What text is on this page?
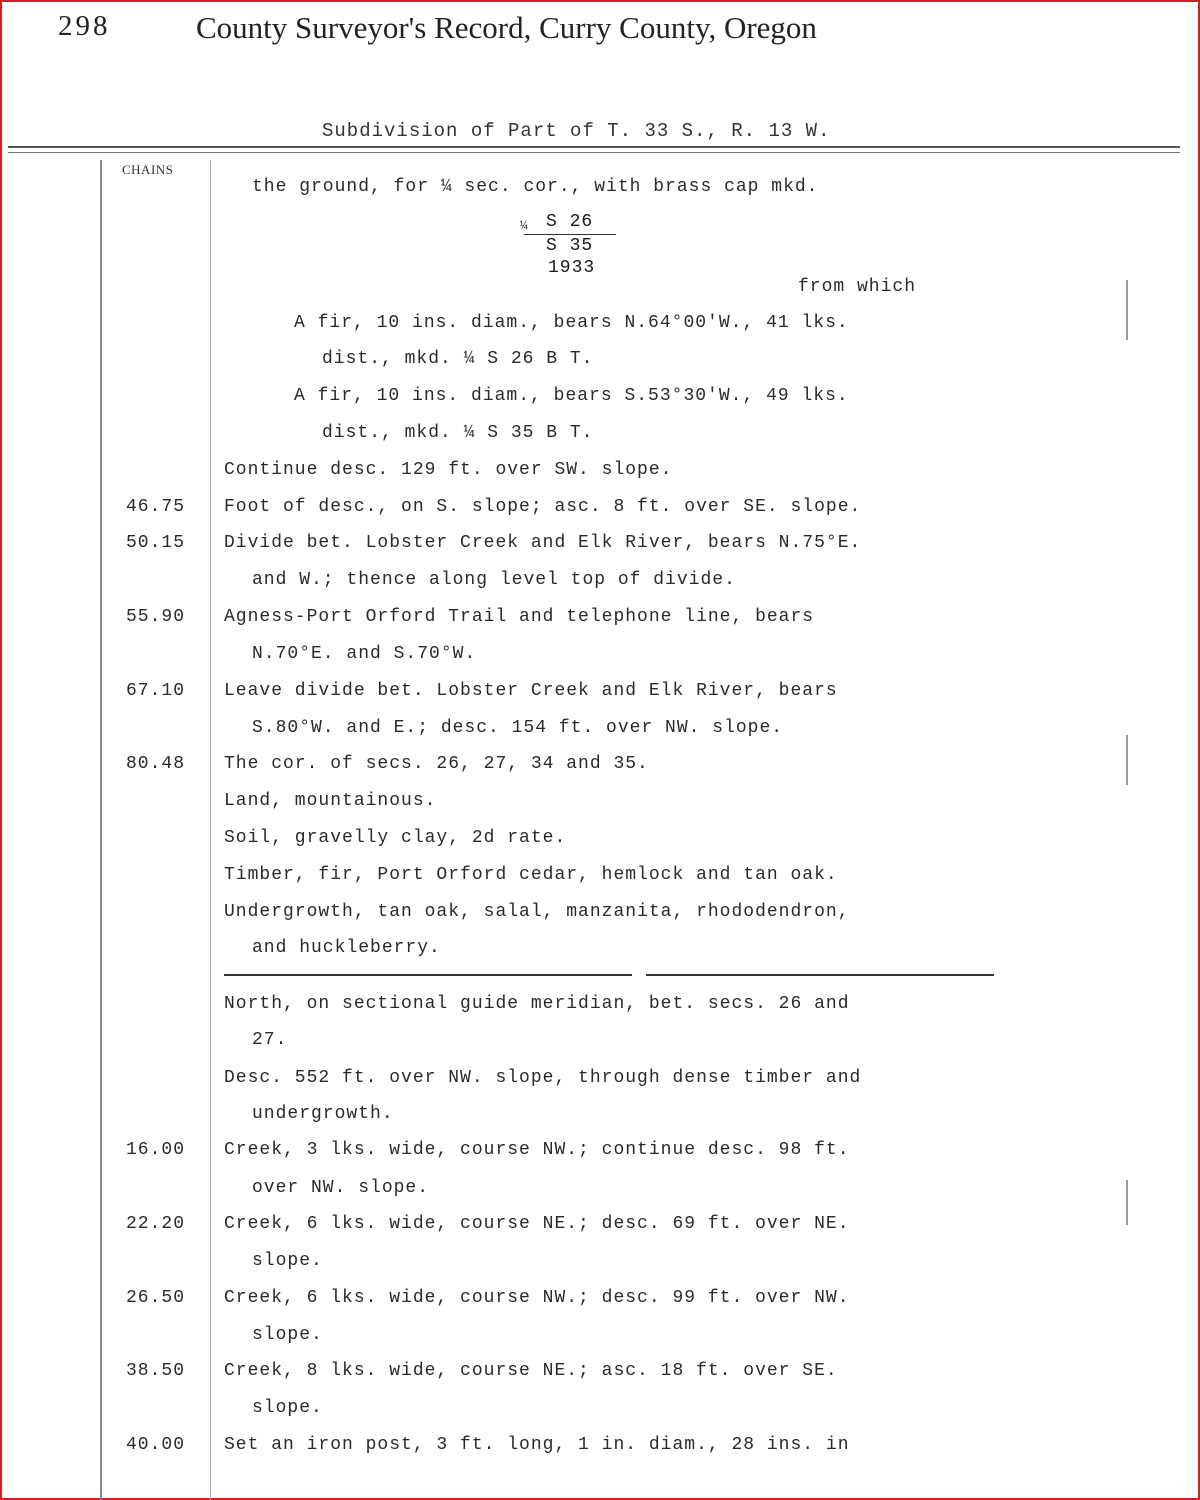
298	County Surveyor's Record, Curry County, Oregon
Subdivision of Part of T. 33 S., R. 13 W.
CHAINS
the ground, for ¼ sec. cor., with brass cap mkd.
¼ S 26
S 35
1933
from which
A fir, 10 ins. diam., bears N.64°00'W., 41 lks.
dist., mkd. ¼ S 26 B T.
A fir, 10 ins. diam., bears S.53°30'W., 49 lks.
dist., mkd. ¼ S 35 B T.
Continue desc. 129 ft. over SW. slope.
46.75 Foot of desc., on S. slope; asc. 8 ft. over SE. slope.
50.15 Divide bet. Lobster Creek and Elk River, bears N.75°E.
and W.; thence along level top of divide.
55.90 Agness-Port Orford Trail and telephone line, bears
N.70°E. and S.70°W.
67.10 Leave divide bet. Lobster Creek and Elk River, bears
S.80°W. and E.; desc. 154 ft. over NW. slope.
80.48 The cor. of secs. 26, 27, 34 and 35.
Land, mountainous.
Soil, gravelly clay, 2d rate.
Timber, fir, Port Orford cedar, hemlock and tan oak.
Undergrowth, tan oak, salal, manzanita, rhododendron,
and huckleberry.
North, on sectional guide meridian, bet. secs. 26 and
27.
Desc. 552 ft. over NW. slope, through dense timber and
undergrowth.
16.00 Creek, 3 lks. wide, course NW.; continue desc. 98 ft.
over NW. slope.
22.20 Creek, 6 lks. wide, course NE.; desc. 69 ft. over NE.
slope.
26.50 Creek, 6 lks. wide, course NW.; desc. 99 ft. over NW.
slope.
38.50 Creek, 8 lks. wide, course NE.; asc. 18 ft. over SE.
slope.
40.00 Set an iron post, 3 ft. long, 1 in. diam., 28 ins. in
